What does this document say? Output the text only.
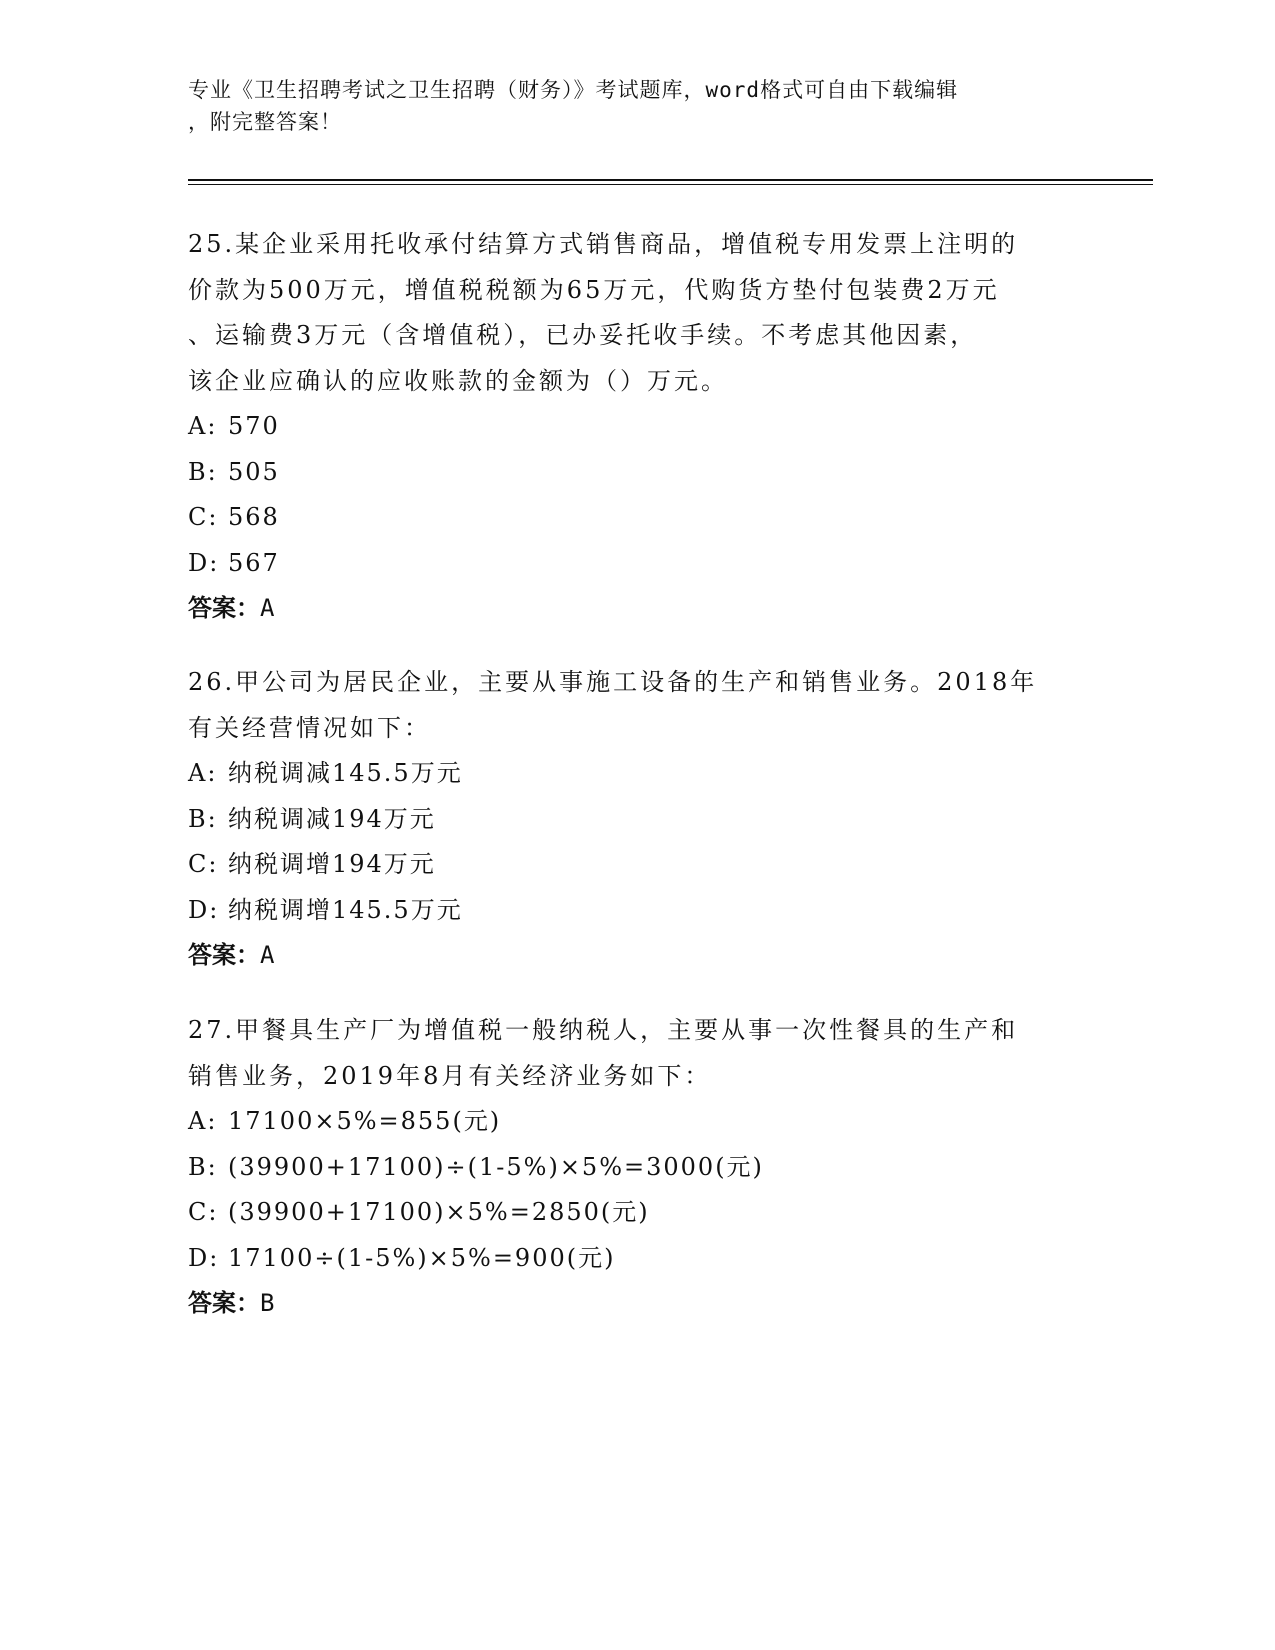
专业《卫生招聘考试之卫生招聘（财务）》考试题库，word格式可自由下载编辑
，附完整答案！

25.某企业采用托收承付结算方式销售商品，增值税专用发票上注明的

价款为500万元，增值税税额为65万元，代购货方垫付包装费2万元

、运输费3万元（含增值税），已办妥托收手续。不考虑其他因素，

该企业应确认的应收账款的金额为（）万元。

A: 570

B: 505

C: 568

D: 567

答案：A

26.甲公司为居民企业，主要从事施工设备的生产和销售业务。2018年

有关经营情况如下：

A: 纳税调减145.5万元

B: 纳税调减194万元

C: 纳税调增194万元

D: 纳税调增145.5万元

答案：A

27.甲餐具生产厂为增值税一般纳税人，主要从事一次性餐具的生产和

销售业务，2019年8月有关经济业务如下：

A: 17100×5%=855(元)

B: (39900+17100)÷(1-5%)×5%=3000(元)

C: (39900+17100)×5%=2850(元)

D: 17100÷(1-5%)×5%=900(元)

答案：B
